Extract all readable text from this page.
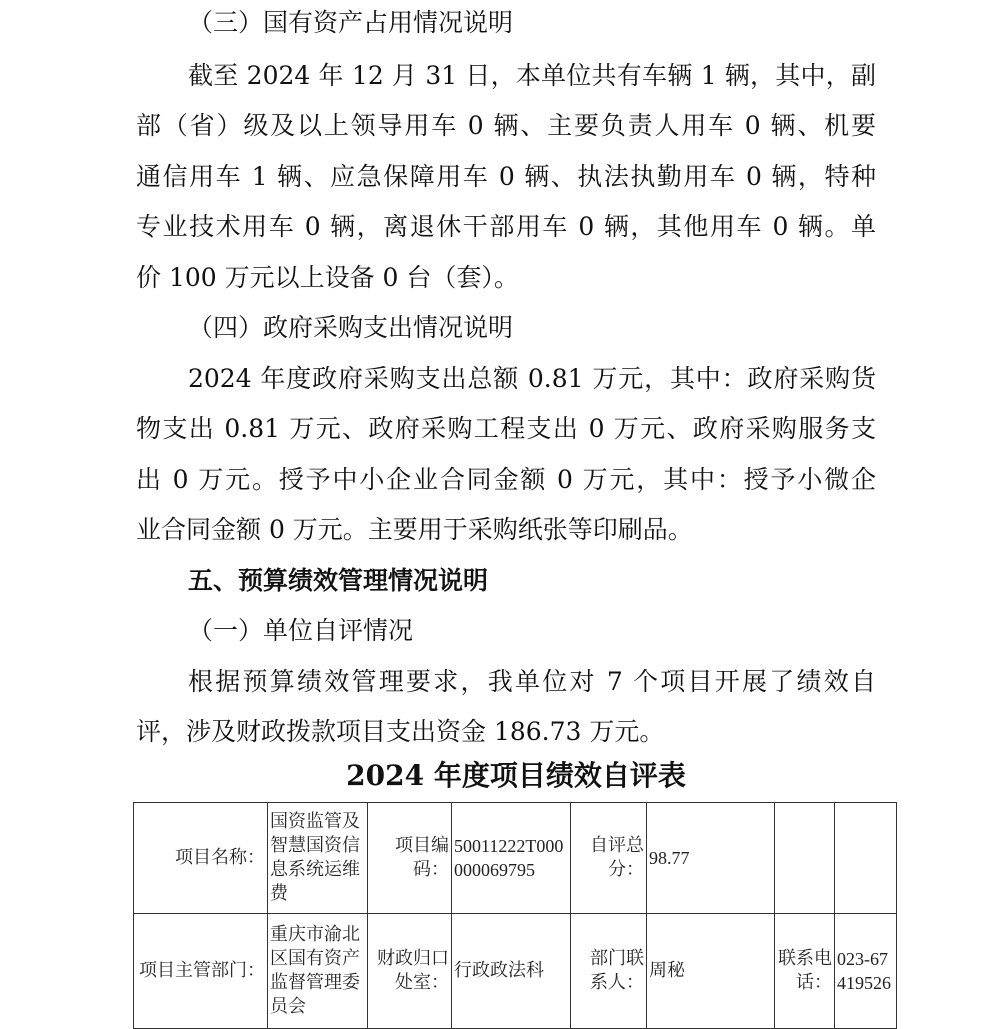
（三）国有资产占用情况说明
截至 2024 年 12 月 31 日，本单位共有车辆 1 辆，其中，副
部（省）级及以上领导用车 0 辆、主要负责人用车 0 辆、机要
通信用车 1 辆、应急保障用车 0 辆、执法执勤用车 0 辆，特种
专业技术用车 0 辆，离退休干部用车 0 辆，其他用车 0 辆。单
价 100 万元以上设备 0 台（套）。
（四）政府采购支出情况说明
2024 年度政府采购支出总额 0.81 万元，其中：政府采购货
物支出 0.81 万元、政府采购工程支出 0 万元、政府采购服务支
出 0 万元。授予中小企业合同金额 0 万元，其中：授予小微企
业合同金额 0 万元。主要用于采购纸张等印刷品。
五、预算绩效管理情况说明
（一）单位自评情况
根据预算绩效管理要求，我单位对 7 个项目开展了绩效自
评，涉及财政拨款项目支出资金 186.73 万元。
2024 年度项目绩效自评表
项目名称：	国资监管及智慧国资信息系统运维费	项目编码：	50011222T000000069795	自评总分：	98.77		
项目主管部门：	重庆市渝北区国有资产监督管理委员会	财政归口处室：	行政政法科	部门联系人：	周秘	联系电话：	023-67419526
